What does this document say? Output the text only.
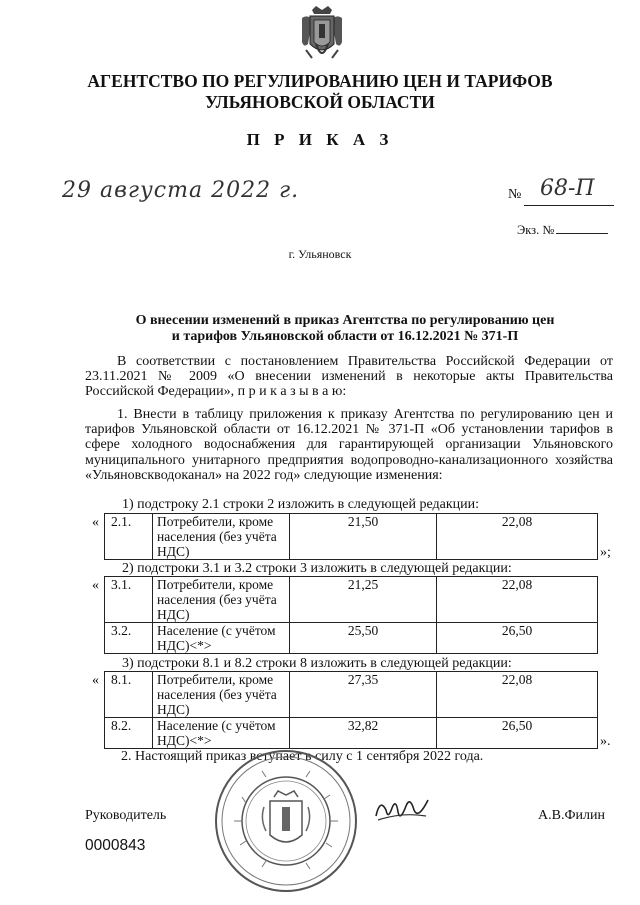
АГЕНТСТВО ПО РЕГУЛИРОВАНИЮ ЦЕН И ТАРИФОВ
УЛЬЯНОВСКОЙ ОБЛАСТИ
П Р И К А З
29 августа 2022 г.	№ 68-П
Экз. №
г. Ульяновск
О внесении изменений в приказ Агентства по регулированию цен
и тарифов Ульяновской области от 16.12.2021 № 371-П
В соответствии с постановлением Правительства Российской Федерации от 23.11.2021 № 2009 «О внесении изменений в некоторые акты Правительства Российской Федерации», п р и к а з ы в а ю:
1. Внести в таблицу приложения к приказу Агентства по регулированию цен и тарифов Ульяновской области от 16.12.2021 № 371-П «Об установлении тарифов в сфере холодного водоснабжения для гарантирующей организации Ульяновского муниципального унитарного предприятия водопроводно-канализационного хозяйства «Ульяновскводоканал» на 2022 год» следующие изменения:
1) подстроку 2.1 строки 2 изложить в следующей редакции:
« 2.1.	Потребители, кроме населения (без учёта НДС)	21,50	22,08
»;
2) подстроки 3.1 и 3.2 строки 3 изложить в следующей редакции:
« 3.1.	Потребители, кроме населения (без учёта НДС)	21,25	22,08
3.2.	Население (с учётом НДС)<*>	25,50	26,50
3) подстроки 8.1 и 8.2 строки 8 изложить в следующей редакции:
« 8.1.	Потребители, кроме населения (без учёта НДС)	27,35	22,08
8.2.	Население (с учётом НДС)<*>	32,82	26,50
».
2. Настоящий приказ вступает в силу с 1 сентября 2022 года.
Руководитель	А.В.Филин
0000843
